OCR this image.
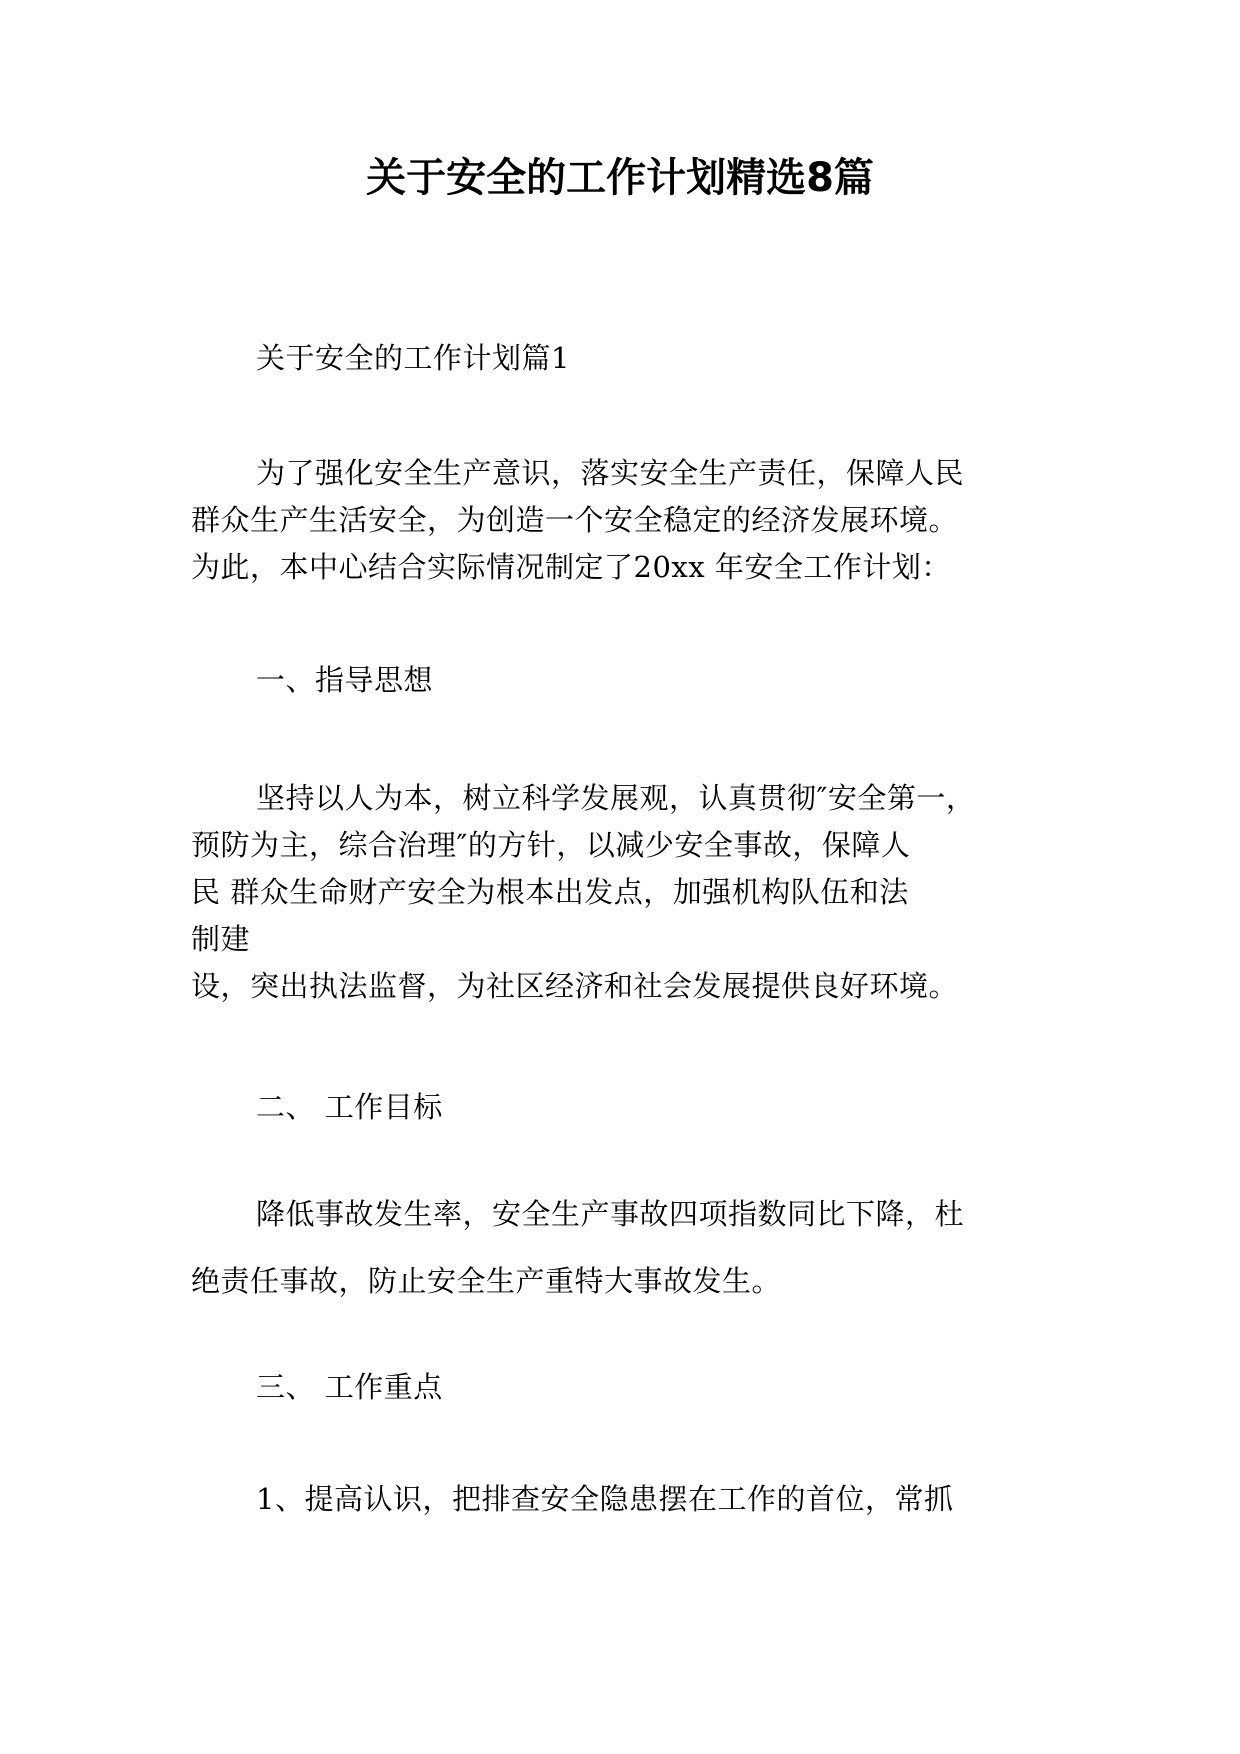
关于安全的工作计划精选8篇
关于安全的工作计划篇1
为了强化安全生产意识，落实安全生产责任，保障人民
群众生产生活安全，为创造一个安全稳定的经济发展环境。
为此，本中心结合实际情况制定了20xx 年安全工作计划：
一、指导思想
坚持以人为本，树立科学发展观，认真贯彻″安全第一，
预防为主，综合治理″的方针，以减少安全事故，保障人
民 群众生命财产安全为根本出发点，加强机构队伍和法
制建
设，突出执法监督，为社区经济和社会发展提供良好环境。
二、 工作目标
降低事故发生率，安全生产事故四项指数同比下降，杜
绝责任事故，防止安全生产重特大事故发生。
三、 工作重点
1、提高认识，把排查安全隐患摆在工作的首位，常抓
